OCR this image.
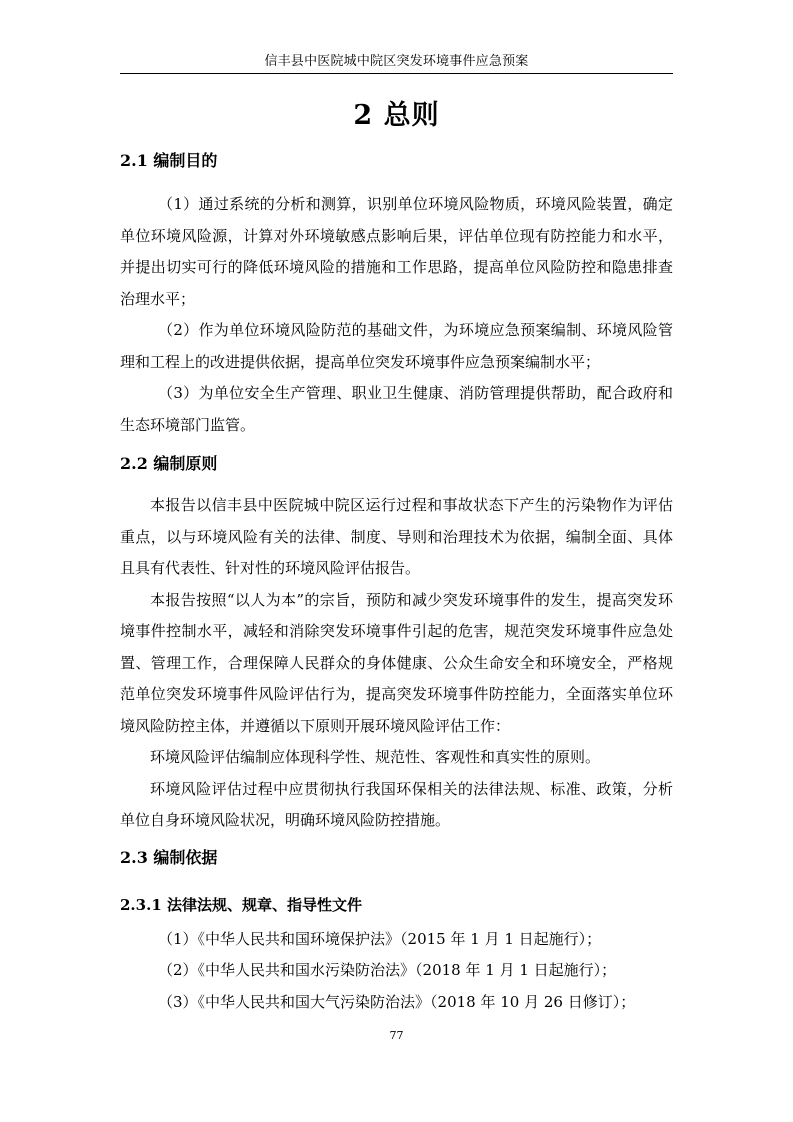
信丰县中医院城中院区突发环境事件应急预案
2 总则
2.1 编制目的

（1）通过系统的分析和测算，识别单位环境风险物质，环境风险装置，确定单位环境风险源，计算对外环境敏感点影响后果，评估单位现有防控能力和水平，并提出切实可行的降低环境风险的措施和工作思路，提高单位风险防控和隐患排查治理水平；

（2）作为单位环境风险防范的基础文件，为环境应急预案编制、环境风险管理和工程上的改进提供依据，提高单位突发环境事件应急预案编制水平；

（3）为单位安全生产管理、职业卫生健康、消防管理提供帮助，配合政府和生态环境部门监管。

2.2 编制原则

本报告以信丰县中医院城中院区运行过程和事故状态下产生的污染物作为评估重点，以与环境风险有关的法律、制度、导则和治理技术为依据，编制全面、具体且具有代表性、针对性的环境风险评估报告。

本报告按照“以人为本”的宗旨，预防和减少突发环境事件的发生，提高突发环境事件控制水平，减轻和消除突发环境事件引起的危害，规范突发环境事件应急处置、管理工作，合理保障人民群众的身体健康、公众生命安全和环境安全，严格规范单位突发环境事件风险评估行为，提高突发环境事件防控能力，全面落实单位环境风险防控主体，并遵循以下原则开展环境风险评估工作：

环境风险评估编制应体现科学性、规范性、客观性和真实性的原则。

环境风险评估过程中应贯彻执行我国环保相关的法律法规、标准、政策，分析单位自身环境风险状况，明确环境风险防控措施。

2.3 编制依据
2.3.1 法律法规、规章、指导性文件

（1）《中华人民共和国环境保护法》（2015 年 1 月 1 日起施行）；

（2）《中华人民共和国水污染防治法》（2018 年 1 月 1 日起施行）；

（3）《中华人民共和国大气污染防治法》（2018 年 10 月 26 日修订）；

77
